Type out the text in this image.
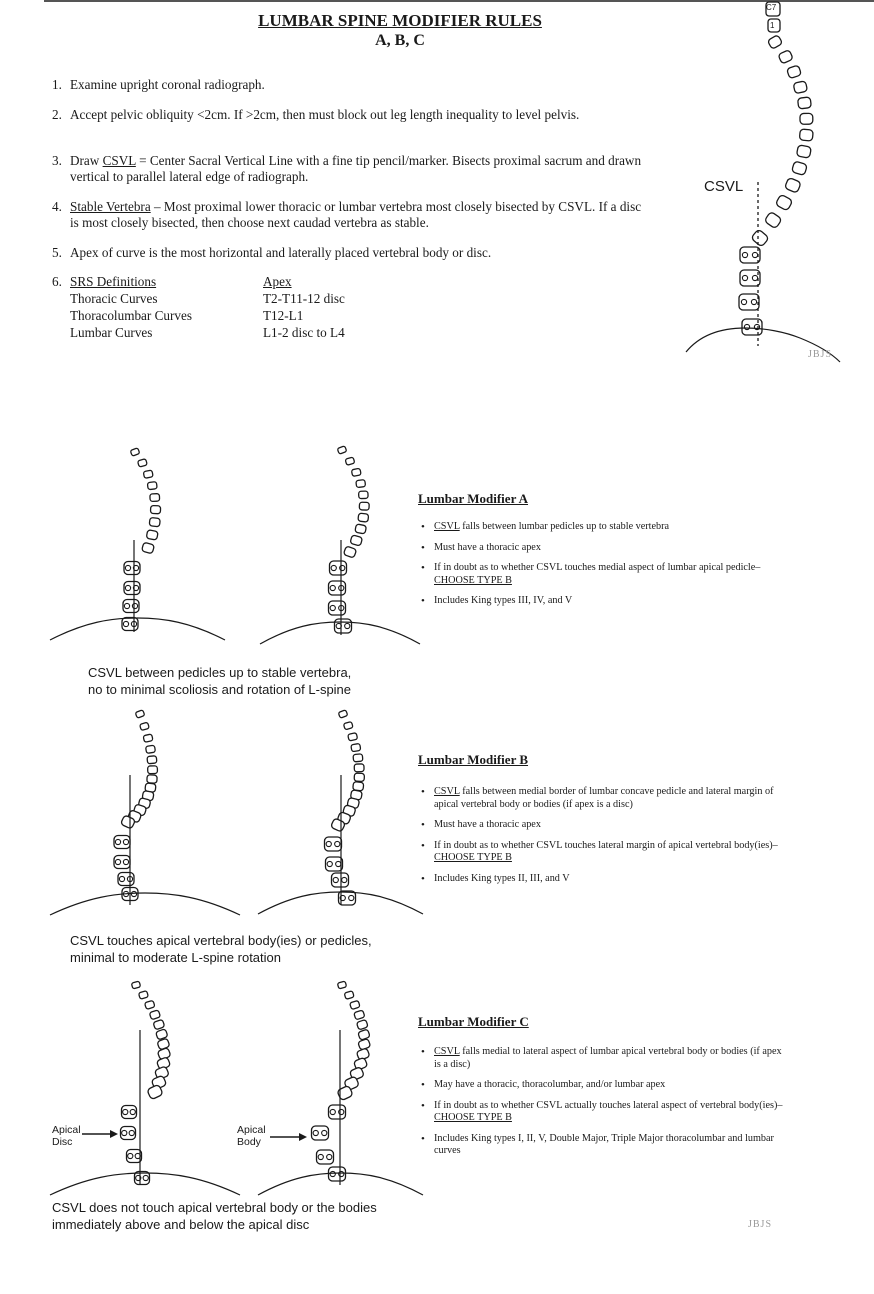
LUMBAR SPINE MODIFIER RULES
A, B, C
1. Examine upright coronal radiograph.
2. Accept pelvic obliquity <2cm. If >2cm, then must block out leg length inequality to level pelvis.
3. Draw CSVL = Center Sacral Vertical Line with a fine tip pencil/marker. Bisects proximal sacrum and drawn vertical to parallel lateral edge of radiograph.
4. Stable Vertebra – Most proximal lower thoracic or lumbar vertebra most closely bisected by CSVL. If a disc is most closely bisected, then choose next caudad vertebra as stable.
5. Apex of curve is the most horizontal and laterally placed vertebral body or disc.
6. SRS Definitions	Apex
Thoracic Curves	T2-T11-12 disc
Thoracolumbar Curves	T12-L1
Lumbar Curves	L1-2 disc to L4
C7
1
CSVL
JBJS
Lumbar Modifier A
• CSVL falls between lumbar pedicles up to stable vertebra
• Must have a thoracic apex
• If in doubt as to whether CSVL touches medial aspect of lumbar apical pedicle–CHOOSE TYPE B
• Includes King types III, IV, and V
CSVL between pedicles up to stable vertebra,
no to minimal scoliosis and rotation of L-spine
Lumbar Modifier B
• CSVL falls between medial border of lumbar concave pedicle and lateral margin of apical vertebral body or bodies (if apex is a disc)
• Must have a thoracic apex
• If in doubt as to whether CSVL touches lateral margin of apical vertebral body(ies)–CHOOSE TYPE B
• Includes King types II, III, and V
CSVL touches apical vertebral body(ies) or pedicles,
minimal to moderate L-spine rotation
Lumbar Modifier C
• CSVL falls medial to lateral aspect of lumbar apical vertebral body or bodies (if apex is a disc)
• May have a thoracic, thoracolumbar, and/or lumbar apex
• If in doubt as to whether CSVL actually touches lateral aspect of vertebral body(ies)–CHOOSE TYPE B
• Includes King types I, II, V, Double Major, Triple Major thoracolumbar and lumbar curves
Apical
Disc
Apical
Body
CSVL does not touch apical vertebral body or the bodies
immediately above and below the apical disc	JBJS
